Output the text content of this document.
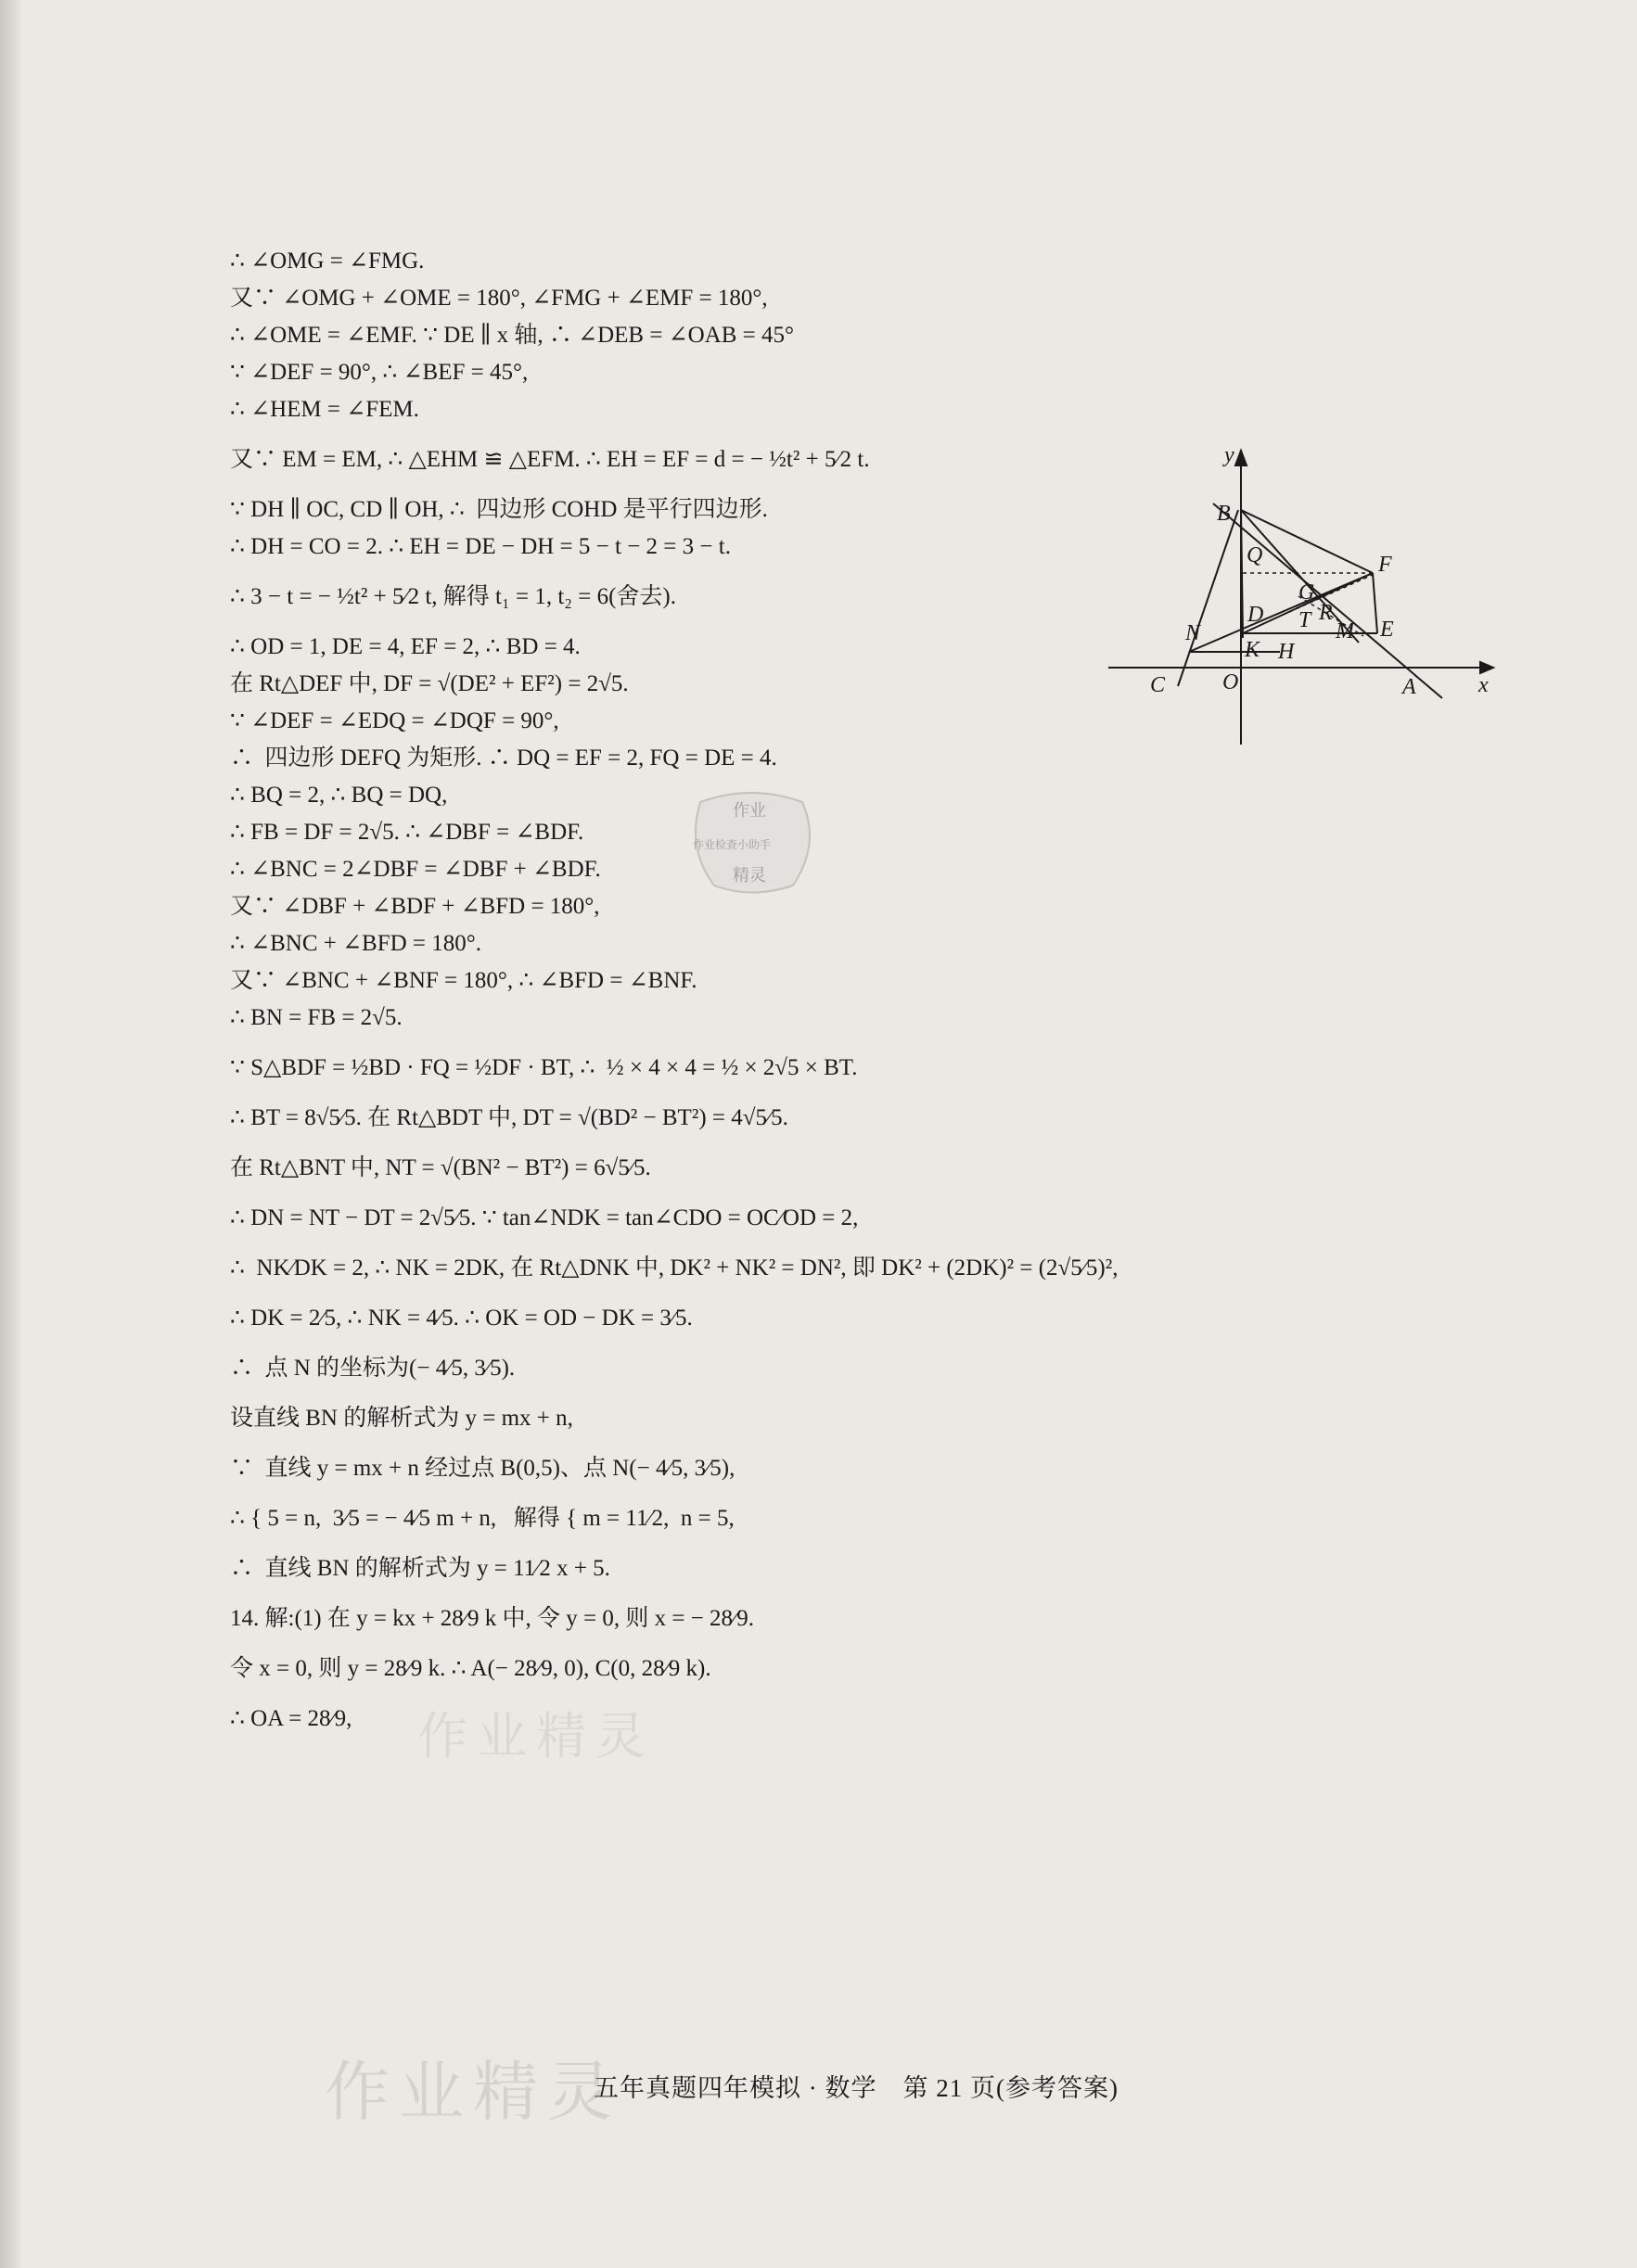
∴ ∠OMG = ∠FMG.
又∵ ∠OMG + ∠OME = 180°, ∠FMG + ∠EMF = 180°,
∴ ∠OME = ∠EMF. ∵ DE ∥ x 轴, ∴ ∠DEB = ∠OAB = 45°
∵ ∠DEF = 90°, ∴ ∠BEF = 45°,
∴ ∠HEM = ∠FEM.
又∵ EM = EM, ∴ △EHM ≌ △EFM. ∴ EH = EF = d = − ½t² + 5⁄2 t.
∵ DH ∥ OC, CD ∥ OH, ∴  四边形 COHD 是平行四边形.
∴ DH = CO = 2. ∴ EH = DE − DH = 5 − t − 2 = 3 − t.
∴ 3 − t = − ½t² + 5⁄2 t, 解得 t₁ = 1, t₂ = 6(舍去).
∴ OD = 1, DE = 4, EF = 2, ∴ BD = 4.
在 Rt△DEF 中, DF = √(DE² + EF²) = 2√5.
∵ ∠DEF = ∠EDQ = ∠DQF = 90°,
∴  四边形 DEFQ 为矩形. ∴ DQ = EF = 2, FQ = DE = 4.
∴ BQ = 2, ∴ BQ = DQ,
∴ FB = DF = 2√5. ∴ ∠DBF = ∠BDF.
∴ ∠BNC = 2∠DBF = ∠DBF + ∠BDF.
又∵ ∠DBF + ∠BDF + ∠BFD = 180°,
∴ ∠BNC + ∠BFD = 180°.
又∵ ∠BNC + ∠BNF = 180°, ∴ ∠BFD = ∠BNF.
∴ BN = FB = 2√5.
∵ S△BDF = ½BD · FQ = ½DF · BT, ∴  ½ × 4 × 4 = ½ × 2√5 × BT.
∴ BT = 8√5⁄5. 在 Rt△BDT 中, DT = √(BD² − BT²) = 4√5⁄5.
在 Rt△BNT 中, NT = √(BN² − BT²) = 6√5⁄5.
∴ DN = NT − DT = 2√5⁄5. ∵ tan∠NDK = tan∠CDO = OC⁄OD = 2,
∴  NK⁄DK = 2, ∴ NK = 2DK, 在 Rt△DNK 中, DK² + NK² = DN², 即 DK² + (2DK)² = (2√5⁄5)²,
∴ DK = 2⁄5, ∴ NK = 4⁄5. ∴ OK = OD − DK = 3⁄5.
∴  点 N 的坐标为(− 4⁄5, 3⁄5).
设直线 BN 的解析式为 y = mx + n,
∵  直线 y = mx + n 经过点 B(0,5)、点 N(− 4⁄5, 3⁄5),
∴ { 5 = n,  3⁄5 = − 4⁄5 m + n,   解得 { m = 11⁄2,  n = 5,
∴  直线 BN 的解析式为 y = 11⁄2 x + 5.
14. 解:(1) 在 y = kx + 28⁄9 k 中, 令 y = 0, 则 x = − 28⁄9.
令 x = 0, 则 y = 28⁄9 k. ∴ A(− 28⁄9, 0), C(0, 28⁄9 k).
∴ OA = 28⁄9,
y
x
B
Q	F
G
D T R
M E
N
K H
C	O	A
作业
作业检查小助手
精灵
作业精灵
作业精灵
五年真题四年模拟 · 数学　第 21 页(参考答案)
